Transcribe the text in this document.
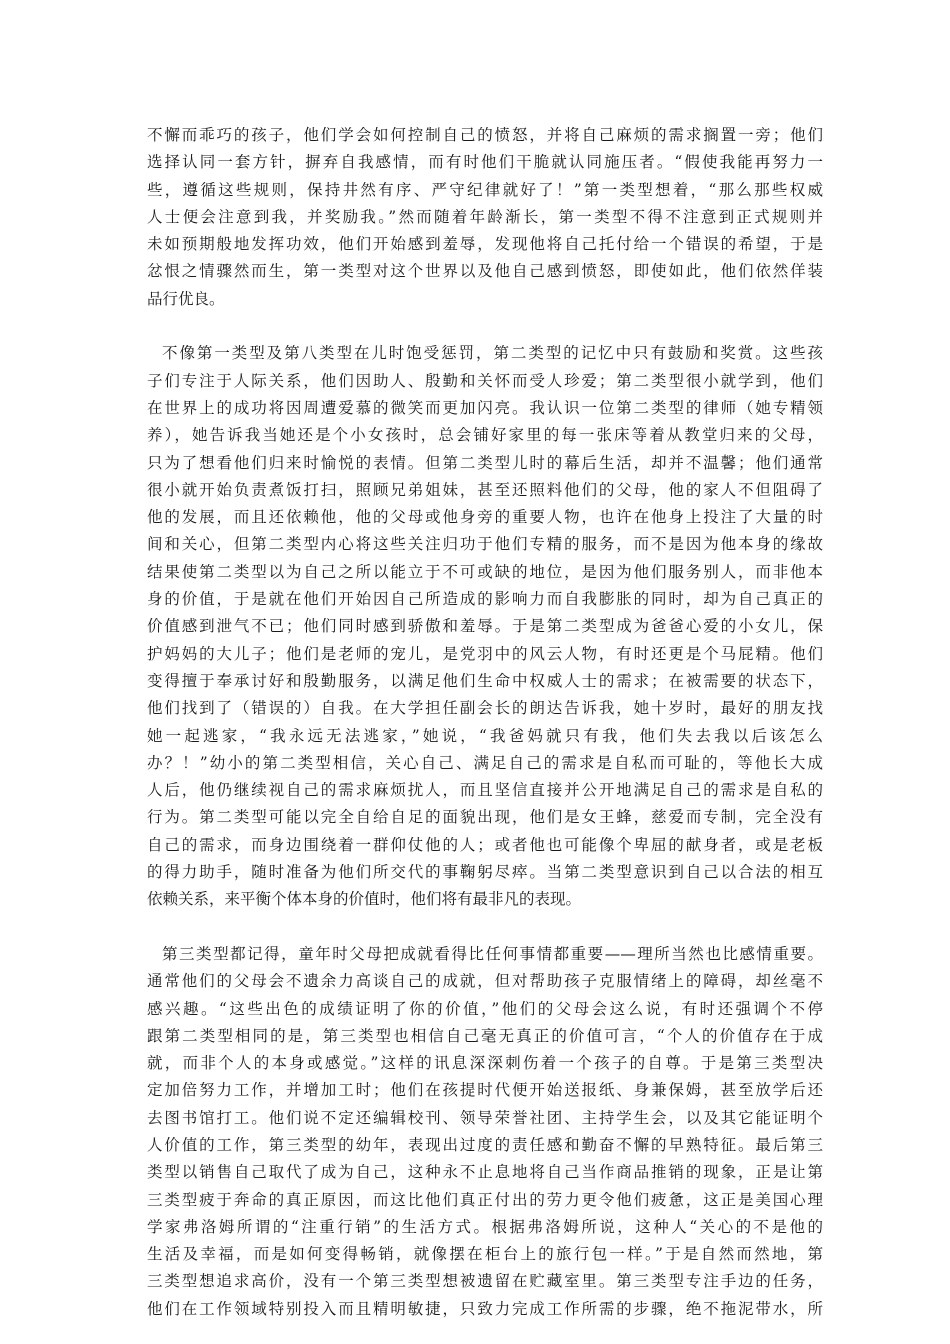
不懈而乖巧的孩子，他们学会如何控制自己的愤怒，并将自己麻烦的需求搁置一旁；他们
选择认同一套方针，摒弃自我感情，而有时他们干脆就认同施压者。“假使我能再努力一
些，遵循这些规则，保持井然有序、严守纪律就好了！”第一类型想着，“那么那些权威
人士便会注意到我，并奖励我。”然而随着年龄渐长，第一类型不得不注意到正式规则并
未如预期般地发挥功效，他们开始感到羞辱，发现他将自己托付给一个错误的希望，于是
忿恨之情骤然而生，第一类型对这个世界以及他自己感到愤怒，即使如此，他们依然佯装
品行优良。
不像第一类型及第八类型在儿时饱受惩罚，第二类型的记忆中只有鼓励和奖赏。这些孩
子们专注于人际关系，他们因助人、殷勤和关怀而受人珍爱；第二类型很小就学到，他们
在世界上的成功将因周遭爱慕的微笑而更加闪亮。我认识一位第二类型的律师（她专精领
养），她告诉我当她还是个小女孩时，总会铺好家里的每一张床等着从教堂归来的父母，
只为了想看他们归来时愉悦的表情。但第二类型儿时的幕后生活，却并不温馨；他们通常
很小就开始负责煮饭打扫，照顾兄弟姐妹，甚至还照料他们的父母，他的家人不但阻碍了
他的发展，而且还依赖他，他的父母或他身旁的重要人物，也许在他身上投注了大量的时
间和关心，但第二类型内心将这些关注归功于他们专精的服务，而不是因为他本身的缘故
结果使第二类型以为自己之所以能立于不可或缺的地位，是因为他们服务别人，而非他本
身的价值，于是就在他们开始因自己所造成的影响力而自我膨胀的同时，却为自己真正的
价值感到泄气不已；他们同时感到骄傲和羞辱。于是第二类型成为爸爸心爱的小女儿，保
护妈妈的大儿子；他们是老师的宠儿，是党羽中的风云人物，有时还更是个马屁精。他们
变得擅于奉承讨好和殷勤服务，以满足他们生命中权威人士的需求；在被需要的状态下，
他们找到了（错误的）自我。在大学担任副会长的朗达告诉我，她十岁时，最好的朋友找
她一起逃家，“我永远无法逃家，”她说，“我爸妈就只有我，他们失去我以后该怎么
办？！”幼小的第二类型相信，关心自己、满足自己的需求是自私而可耻的，等他长大成
人后，他仍继续视自己的需求麻烦扰人，而且坚信直接并公开地满足自己的需求是自私的
行为。第二类型可能以完全自给自足的面貌出现，他们是女王蜂，慈爱而专制，完全没有
自己的需求，而身边围绕着一群仰仗他的人；或者他也可能像个卑屈的献身者，或是老板
的得力助手，随时准备为他们所交代的事鞠躬尽瘁。当第二类型意识到自己以合法的相互
依赖关系，来平衡个体本身的价值时，他们将有最非凡的表现。
第三类型都记得，童年时父母把成就看得比任何事情都重要——理所当然也比感情重要。
通常他们的父母会不遗余力高谈自己的成就，但对帮助孩子克服情绪上的障碍，却丝毫不
感兴趣。“这些出色的成绩证明了你的价值，”他们的父母会这么说，有时还强调个不停
跟第二类型相同的是，第三类型也相信自己毫无真正的价值可言，“个人的价值存在于成
就，而非个人的本身或感觉。”这样的讯息深深刺伤着一个孩子的自尊。于是第三类型决
定加倍努力工作，并增加工时；他们在孩提时代便开始送报纸、身兼保姆，甚至放学后还
去图书馆打工。他们说不定还编辑校刊、领导荣誉社团、主持学生会，以及其它能证明个
人价值的工作，第三类型的幼年，表现出过度的责任感和勤奋不懈的早熟特征。最后第三
类型以销售自己取代了成为自己，这种永不止息地将自己当作商品推销的现象，正是让第
三类型疲于奔命的真正原因，而这比他们真正付出的劳力更令他们疲惫，这正是美国心理
学家弗洛姆所谓的“注重行销”的生活方式。根据弗洛姆所说，这种人“关心的不是他的
生活及幸福，而是如何变得畅销，就像摆在柜台上的旅行包一样。”于是自然而然地，第
三类型想追求高价，没有一个第三类型想被遗留在贮藏室里。第三类型专注手边的任务，
他们在工作领域特别投入而且精明敏捷，只致力完成工作所需的步骤，绝不拖泥带水，所
